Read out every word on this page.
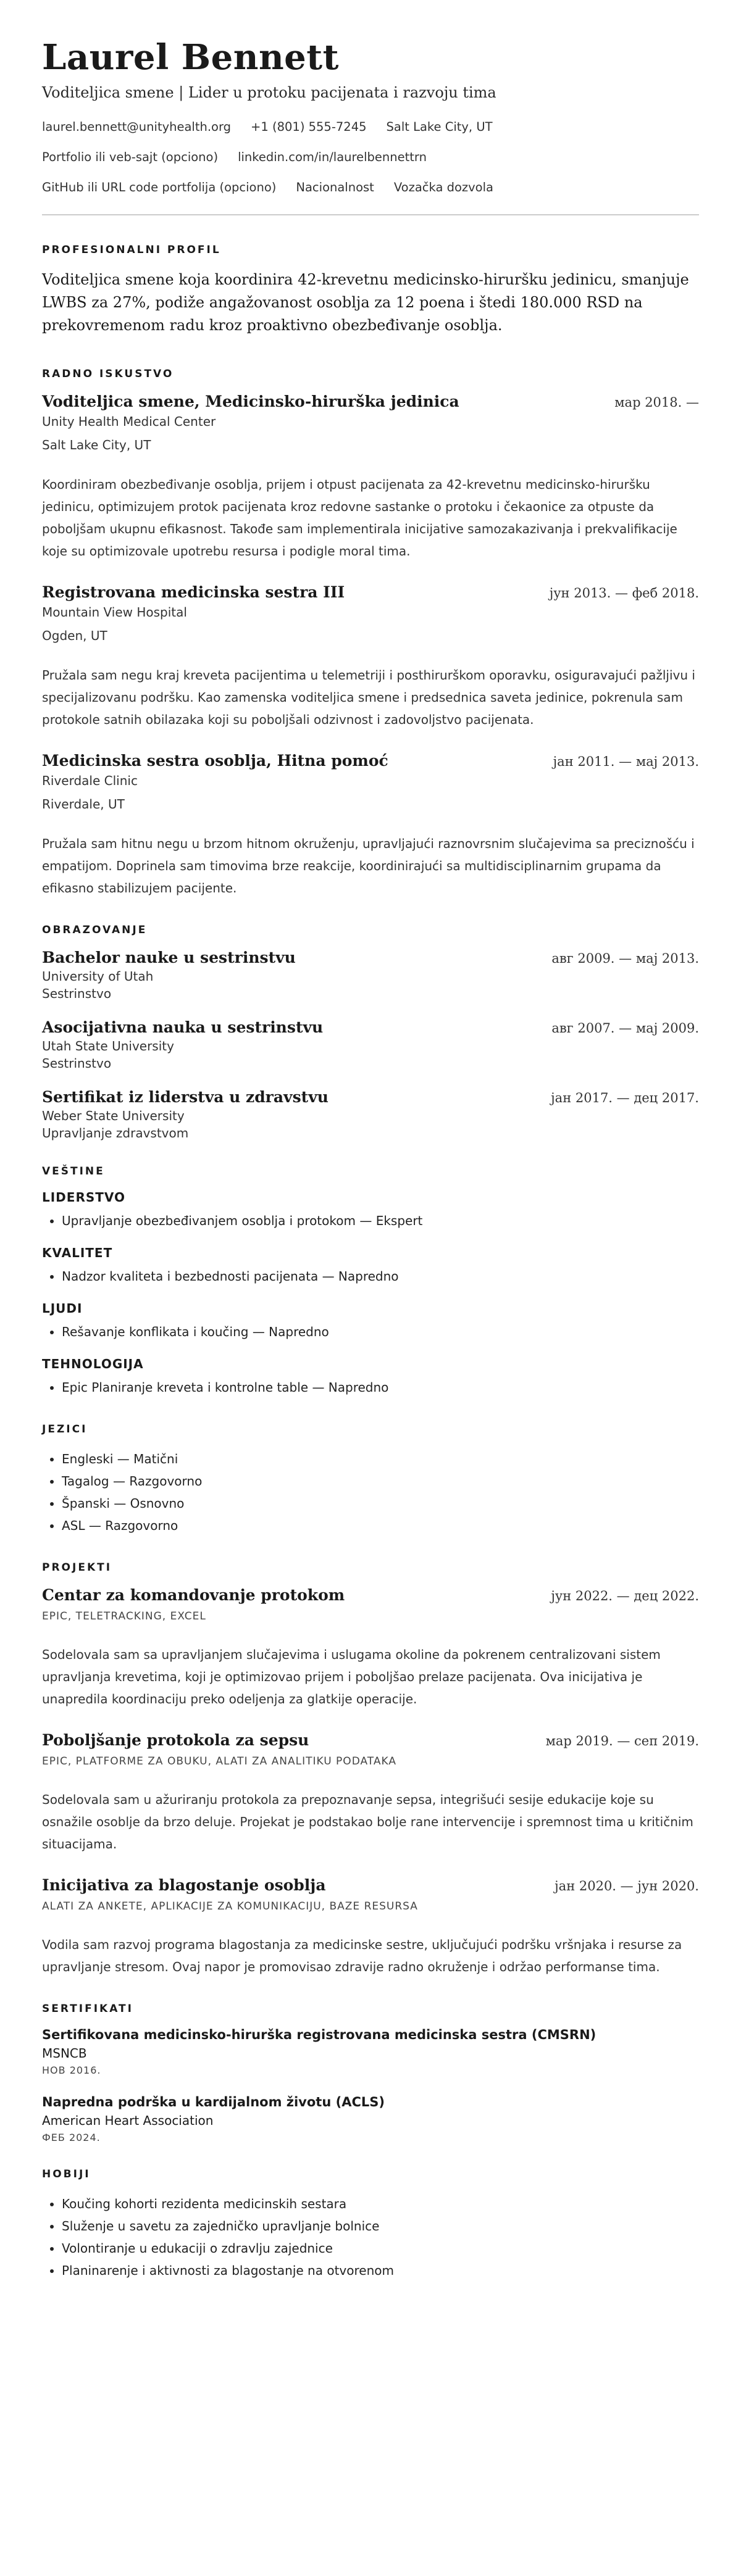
Laurel Bennett
Voditeljica smene | Lider u protoku pacijenata i razvoju tima
laurel.bennett@unityhealth.org +1 (801) 555-7245 Salt Lake City, UT
Portfolio ili veb-sajt (opciono) linkedin.com/in/laurelbennettrn
GitHub ili URL code portfolija (opciono) Nacionalnost Vozačka dozvola
PROFESIONALNI PROFIL

Voditeljica smene koja koordinira 42-krevetnu medicinsko-hiruršku jedinicu, smanjuje LWBS za 27%, podiže angažovanost osoblja za 12 poena i štedi 180.000 RSD na prekovremenom radu kroz proaktivno obezbeđivanje osoblja.

RADNO ISKUSTVO
Voditeljica smene, Medicinsko-hirurška jedinica	мар 2018. —
Unity Health Medical Center
Salt Lake City, UT
Koordiniram obezbeđivanje osoblja, prijem i otpust pacijenata za 42-krevetnu medicinsko-hiruršku jedinicu, optimizujem protok pacijenata kroz redovne sastanke o protoku i čekaonice za otpuste da poboljšam ukupnu efikasnost. Takođe sam implementirala inicijative samozakazivanja i prekvalifikacije koje su optimizovale upotrebu resursa i podigle moral tima.
Registrovana medicinska sestra III	јун 2013. — феб 2018.
Mountain View Hospital
Ogden, UT
Pružala sam negu kraj kreveta pacijentima u telemetriji i posthirurškom oporavku, osiguravajući pažljivu i specijalizovanu podršku. Kao zamenska voditeljica smene i predsednica saveta jedinice, pokrenula sam protokole satnih obilazaka koji su poboljšali odzivnost i zadovoljstvo pacijenata.
Medicinska sestra osoblja, Hitna pomoć	јан 2011. — мај 2013.
Riverdale Clinic
Riverdale, UT
Pružala sam hitnu negu u brzom hitnom okruženju, upravljajući raznovrsnim slučajevima sa preciznošću i empatijom. Doprinela sam timovima brze reakcije, koordinirajući sa multidisciplinarnim grupama da efikasno stabilizujem pacijente.
OBRAZOVANJE
Bachelor nauke u sestrinstvu	авг 2009. — мај 2013.
University of Utah
Sestrinstvo
Asocijativna nauka u sestrinstvu	авг 2007. — мај 2009.
Utah State University
Sestrinstvo
Sertifikat iz liderstva u zdravstvu	јан 2017. — дец 2017.
Weber State University
Upravljanje zdravstvom
VEŠTINE
LIDERSTVO
• Upravljanje obezbeđivanjem osoblja i protokom — Ekspert
KVALITET
• Nadzor kvaliteta i bezbednosti pacijenata — Napredno
LJUDI
• Rešavanje konflikata i koučing — Napredno
TEHNOLOGIJA
• Epic Planiranje kreveta i kontrolne table — Napredno
JEZICI
• Engleski — Matični
• Tagalog — Razgovorno
• Španski — Osnovno
• ASL — Razgovorno
PROJEKTI
Centar za komandovanje protokom	јун 2022. — дец 2022.
EPIC, TELETRACKING, EXCEL
Sodelovala sam sa upravljanjem slučajevima i uslugama okoline da pokrenem centralizovani sistem upravljanja krevetima, koji je optimizovao prijem i poboljšao prelaze pacijenata. Ova inicijativa je unapredila koordinaciju preko odeljenja za glatkije operacije.
Poboljšanje protokola za sepsu	мар 2019. — сеп 2019.
EPIC, PLATFORME ZA OBUKU, ALATI ZA ANALITIKU PODATAKA
Sodelovala sam u ažuriranju protokola za prepoznavanje sepsa, integrišući sesije edukacije koje su osnažile osoblje da brzo deluje. Projekat je podstakao bolje rane intervencije i spremnost tima u kritičnim situacijama.
Inicijativa za blagostanje osoblja	јан 2020. — јун 2020.
ALATI ZA ANKETE, APLIKACIJE ZA KOMUNIKACIJU, BAZE RESURSA
Vodila sam razvoj programa blagostanja za medicinske sestre, uključujući podršku vršnjaka i resurse za upravljanje stresom. Ovaj napor je promovisao zdravije radno okruženje i održao performanse tima.
SERTIFIKATI
Sertifikovana medicinsko-hirurška registrovana medicinska sestra (CMSRN)
MSNCB
НОВ 2016.
Napredna podrška u kardijalnom životu (ACLS)
American Heart Association
ФЕБ 2024.
HOBIJI
• Koučing kohorti rezidenta medicinskih sestara
• Služenje u savetu za zajedničko upravljanje bolnice
• Volontiranje u edukaciji o zdravlju zajednice
• Planinarenje i aktivnosti za blagostanje na otvorenom
